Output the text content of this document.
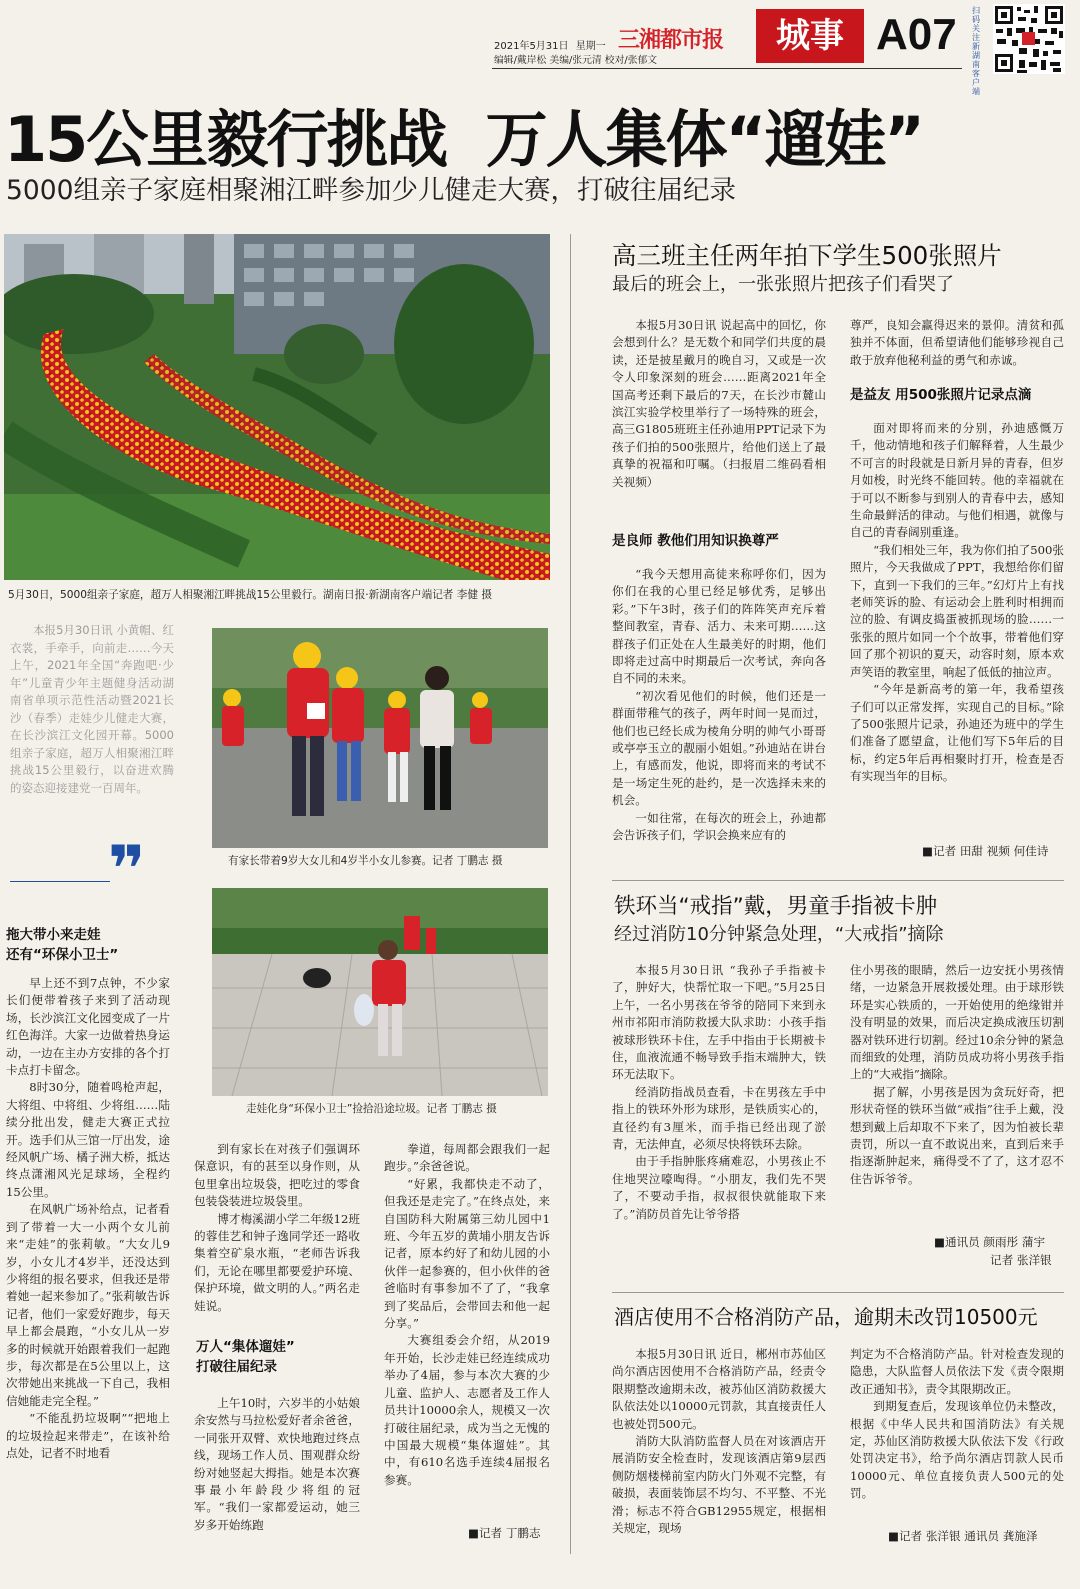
2021年5月31日 星期一
编辑/戴岸松 美编/张元清 校对/张郁文
三湘都市报	城事 A07 扫码关注新湖南客户端
15公里毅行挑战  万人集体“遛娃”
5000组亲子家庭相聚湘江畔参加少儿健走大赛，打破往届纪录
5月30日，5000组亲子家庭，超万人相聚湘江畔挑战15公里毅行。湖南日报·新湖南客户端记者 李健 摄
本报5月30日讯 小黄帽、红衣裳，手牵手，向前走……今天上午，2021年全国“奔跑吧·少年”儿童青少年主题健身活动湖南省单项示范性活动暨2021长沙（春季）走娃少儿健走大赛，在长沙滨江文化园开幕。5000组亲子家庭，超万人相聚湘江畔挑战15公里毅行，以奋进欢腾的姿态迎接建党一百周年。
❞	有家长带着9岁大女儿和4岁半小女儿参赛。记者 丁鹏志 摄
走娃化身“环保小卫士”捡拾沿途垃圾。记者 丁鹏志 摄
拖大带小来走娃
还有“环保小卫士”
早上还不到7点钟，不少家长们便带着孩子来到了活动现场，长沙滨江文化园变成了一片红色海洋。大家一边做着热身运动，一边在主办方安排的各个打卡点打卡留念。
8时30分，随着鸣枪声起，大将组、中将组、少将组……陆续分批出发，健走大赛正式拉开。选手们从三馆一厅出发，途经风帆广场、橘子洲大桥，抵达终点潇湘风光足球场，全程约15公里。
在风帆广场补给点，记者看到了带着一大一小两个女儿前来“走娃”的张莉敏。“大女儿9岁，小女儿才4岁半，还没达到少将组的报名要求，但我还是带着她一起来参加了。”张莉敏告诉记者，他们一家爱好跑步，每天早上都会晨跑，“小女儿从一岁多的时候就开始跟着我们一起跑步，每次都是在5公里以上，这次带她出来挑战一下自己，我相信她能走完全程。”
“不能乱扔垃圾啊”“把地上的垃圾捡起来带走”，在该补给点处，记者不时地看
到有家长在对孩子们强调环保意识，有的甚至以身作则，从包里拿出垃圾袋，把吃过的零食包装袋装进垃圾袋里。
博才梅溪湖小学二年级12班的蓉佳艺和钟子逸同学还一路收集着空矿泉水瓶，“老师告诉我们，无论在哪里都要爱护环境、保护环境，做文明的人。”两名走娃说。
万人“集体遛娃”
打破往届纪录
上午10时，六岁半的小姑娘余安然与马拉松爱好者余爸爸，一同张开双臂、欢快地跑过终点线，现场工作人员、围观群众纷纷对她竖起大拇指。她是本次赛事最小年龄段少将组的冠军。“我们一家都爱运动，她三岁多开始练跑
拳道，每周都会跟我们一起跑步。”余爸爸说。
“好累，我都快走不动了，但我还是走完了。”在终点处，来自国防科大附属第三幼儿园中1班、今年五岁的黄埔小朋友告诉记者，原本约好了和幼儿园的小伙伴一起参赛的，但小伙伴的爸爸临时有事参加不了了，“我拿到了奖品后，会带回去和他一起分享。”
大赛组委会介绍，从2019年开始，长沙走娃已经连续成功举办了4届，参与本次大赛的少儿童、监护人、志愿者及工作人员共计10000余人，规模又一次打破往届纪录，成为当之无愧的中国最大规模“集体遛娃”。其中，有610名选手连续4届报名参赛。
■记者 丁鹏志
高三班主任两年拍下学生500张照片
最后的班会上，一张张照片把孩子们看哭了
本报5月30日讯 说起高中的回忆，你会想到什么？是无数个和同学们共度的晨读，还是披星戴月的晚自习，又或是一次令人印象深刻的班会……距离2021年全国高考还剩下最后的7天，在长沙市麓山滨江实验学校里举行了一场特殊的班会，高三G1805班班主任孙迪用PPT记录下为孩子们拍的500张照片，给他们送上了最真挚的祝福和叮嘱。（扫报眉二维码看相关视频）
是良师 教他们用知识换尊严
“我今天想用高徒来称呼你们，因为你们在我的心里已经足够优秀，足够出彩。”下午3时，孩子们的阵阵笑声充斥着整间教室，青春、活力、未来可期……这群孩子们正处在人生最美好的时期，他们即将走过高中时期最后一次考试，奔向各自不同的未来。
“初次看见他们的时候，他们还是一群面带稚气的孩子，两年时间一晃而过，他们也已经长成为棱角分明的帅气小哥哥或亭亭玉立的靓丽小姐姐。”孙迪站在讲台上，有感而发，他说，即将而来的考试不是一场定生死的赴约，是一次选择未来的机会。
一如往常，在每次的班会上，孙迪都会告诉孩子们，学识会换来应有的
尊严，良知会赢得迟来的景仰。清贫和孤独并不体面，但希望请他们能够珍视自己敢于放弃他秘利益的勇气和赤诚。
是益友 用500张照片记录点滴
面对即将而来的分别，孙迪感慨万千，他动情地和孩子们解释着，人生最少不可言的时段就是日新月异的青春，但岁月如梭，时光终不能回转。他的幸福就在于可以不断参与到别人的青春中去，感知生命最鲜活的律动。与他们相遇，就像与自己的青春阔别重逢。
“我们相处三年，我为你们拍了500张照片，今天我做成了PPT，我想给你们留下，直到一下我们的三年。”幻灯片上有找老师笑诉的脸、有运动会上胜利时相拥而泣的脸、有调皮捣蛋被抓现场的脸……一张张的照片如同一个个故事，带着他们穿回了那个初识的夏天，动容时刻，原本欢声笑语的教室里，响起了低低的抽泣声。
“今年是新高考的第一年，我希望孩子们可以正常发挥，实现自己的目标。”除了500张照片记录，孙迪还为班中的学生们准备了愿望盒，让他们写下5年后的目标，约定5年后再相聚时打开，检查是否有实现当年的目标。
■记者 田甜 视频 何佳诗
铁环当“戒指”戴，男童手指被卡肿
经过消防10分钟紧急处理，“大戒指”摘除
本报5月30日讯 “我孙子手指被卡了，肿好大，快帮忙取一下吧。”5月25日上午，一名小男孩在爷爷的陪同下来到永州市祁阳市消防救援大队求助：小孩手指被球形铁环卡住，左手中指由于长期被卡住，血液流通不畅导致手指末端肿大，铁环无法取下。
经消防指战员查看，卡在男孩左手中指上的铁环外形为球形，是铁质实心的，直径约有3厘米，而手指已经出现了淤青，无法伸直，必须尽快将铁环去除。
由于手指肿胀疼痛难忍，小男孩止不住地哭泣嚎啕得。“小朋友，我们先不哭了，不要动手指，叔叔很快就能取下来了。”消防员首先让爷爷搭
住小男孩的眼睛，然后一边安抚小男孩情绪，一边紧急开展救援处理。由于球形铁环是实心铁质的，一开始使用的绝缘钳并没有明显的效果，而后决定换成液压切割器对铁环进行切割。经过10余分钟的紧急而细致的处理，消防员成功将小男孩手指上的“大戒指”摘除。
据了解，小男孩是因为贪玩好奇，把形状奇怪的铁环当做“戒指”往手上戴，没想到戴上后却取不下来了，因为怕被长辈责罚，所以一直不敢说出来，直到后来手指逐渐肿起来，痛得受不了了，这才忍不住告诉爷爷。
■通讯员 颜雨彤 蒲宇
记者 张洋银
酒店使用不合格消防产品，逾期未改罚10500元
本报5月30日讯 近日，郴州市苏仙区尚尔酒店因使用不合格消防产品，经责令限期整改逾期未改，被苏仙区消防救援大队依法处以10000元罚款，其直接责任人也被处罚500元。
消防大队消防监督人员在对该酒店开展消防安全检查时，发现该酒店第9层西侧防烟楼梯前室内防火门外观不完整，有破损，表面装饰层不均匀、不平整、不光滑；标志不符合GB12955规定，根据相关规定，现场
判定为不合格消防产品。针对检查发现的隐患，大队监督人员依法下发《责令限期改正通知书》，责令其限期改正。
到期复查后，发现该单位仍未整改，根据《中华人民共和国消防法》有关规定，苏仙区消防救援大队依法下发《行政处罚决定书》，给予尚尔酒店罚款人民币10000元、单位直接负责人500元的处罚。
■记者 张洋银 通讯员 龚施泽
